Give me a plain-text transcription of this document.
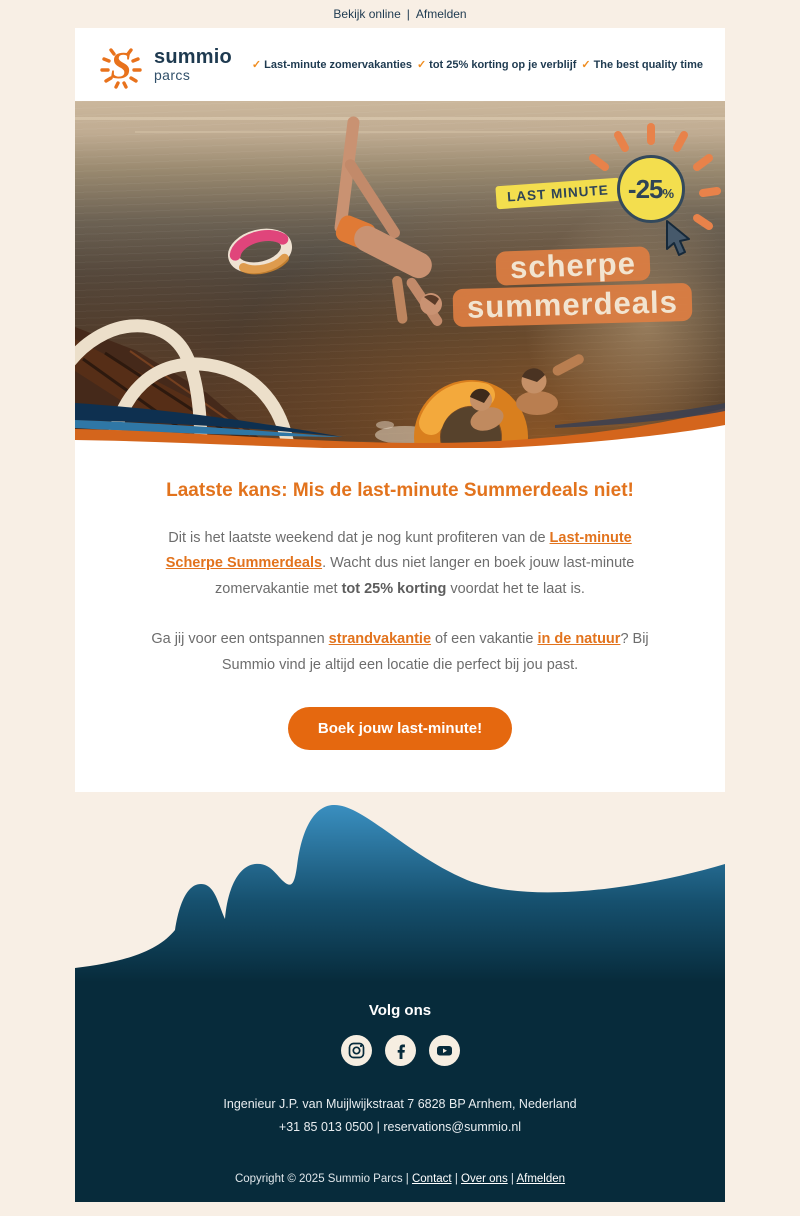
Bekijk online | Afmelden
S summio
parcs
✓ Last-minute zomervakanties ✓ tot 25% korting op je verblijf ✓ The best quality time
LAST MINUTE -25 %
scherpe
summerdeals
Laatste kans: Mis de last-minute Summerdeals niet!

Dit is het laatste weekend dat je nog kunt profiteren van de Last-minute Scherpe Summerdeals. Wacht dus niet langer en boek jouw last-minute zomervakantie met tot 25% korting voordat het te laat is.

Ga jij voor een ontspannen strandvakantie of een vakantie in de natuur? Bij Summio vind je altijd een locatie die perfect bij jou past.

Boek jouw last-minute!
Volg ons
Ingenieur J.P. van Muijlwijkstraat 7 6828 BP Arnhem, Nederland
+31 85 013 0500 | reservations@summio.nl
Copyright © 2025 Summio Parcs | Contact | Over ons | Afmelden
